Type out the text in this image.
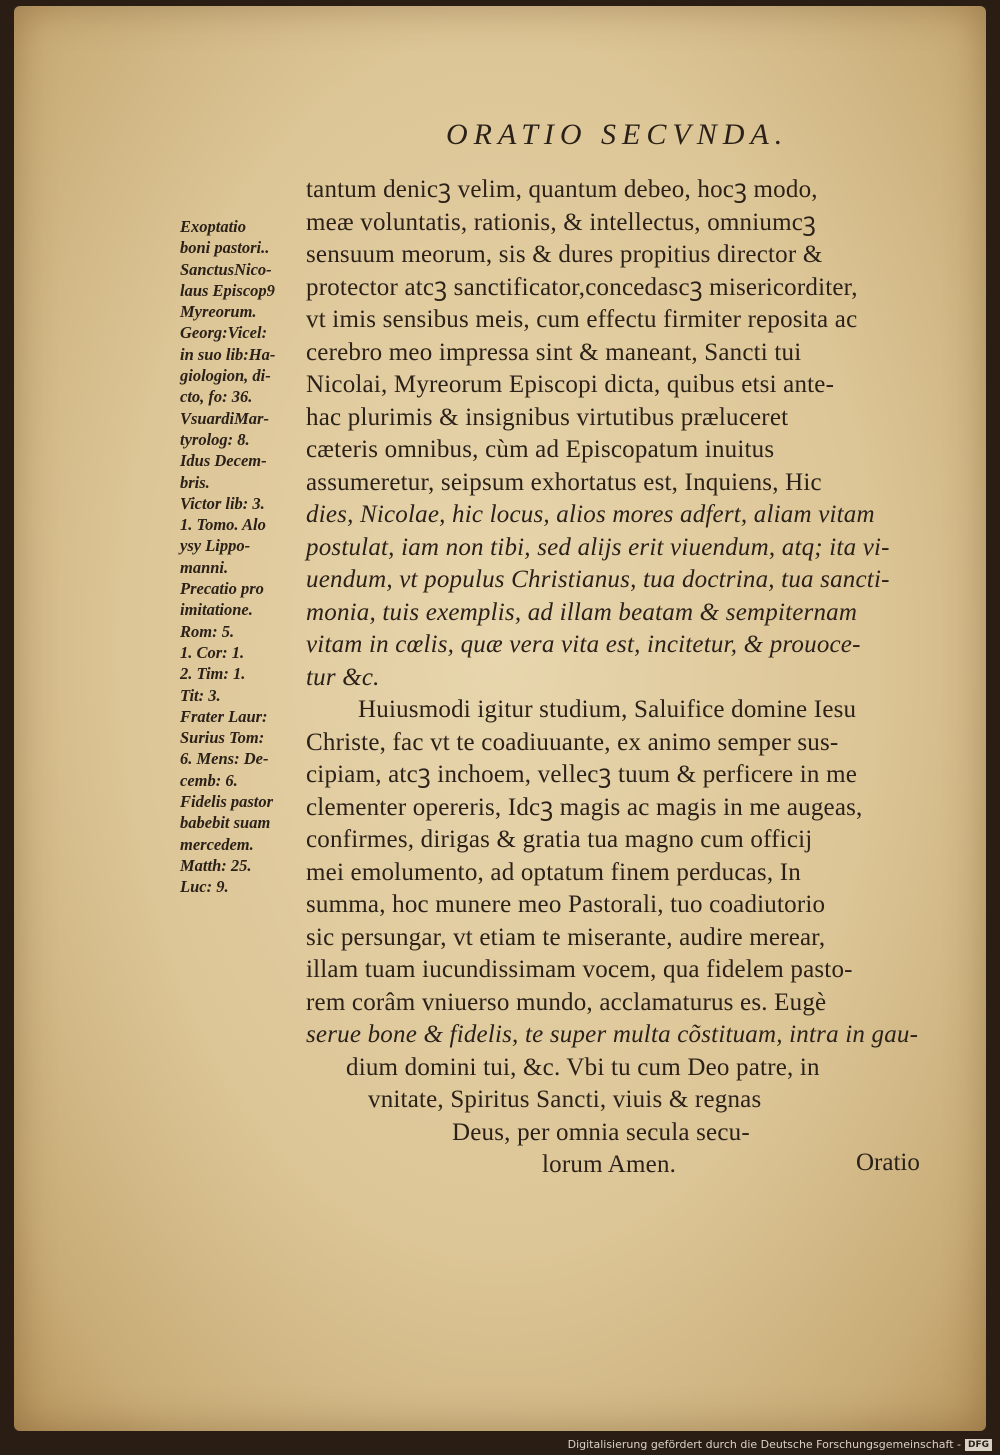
ORATIO SECVNDA.
Exoptatio
boni pastori..
SanctusNico-
laus Episcop9
Myreorum.
Georg:Vicel:
in suo lib:Ha-
giologion, di-
cto, fo: 36.
VsuardiMar-
tyrolog: 8.
Idus Decem-
bris.
Victor lib: 3.
1. Tomo. Alo
ysy Lippo-
manni.
Precatio pro
imitatione.
Rom: 5.
1. Cor: 1.
2. Tim: 1.
Tit: 3.
Frater Laur:
Surius Tom:
6. Mens: De-
cemb: 6.
Fidelis pastor
babebit suam
mercedem.
Matth: 25.
Luc: 9.
tantum denicꝫ velim, quantum debeo, hocꝫ modo,
meæ voluntatis, rationis, & intellectus, omniumcꝫ
sensuum meorum, sis & dures propitius director &
protector atcꝫ sanctificator,concedascꝫ misericorditer,
vt imis sensibus meis, cum effectu firmiter reposita ac
cerebro meo impressa sint & maneant, Sancti tui
Nicolai, Myreorum Episcopi dicta, quibus etsi ante-
hac plurimis & insignibus virtutibus præluceret
cæteris omnibus, cùm ad Episcopatum inuitus
assumeretur, seipsum exhortatus est, Inquiens, Hic
dies, Nicolae, hic locus, alios mores adfert, aliam vitam
postulat, iam non tibi, sed alijs erit viuendum, atq; ita vi-
uendum, vt populus Christianus, tua doctrina, tua sancti-
monia, tuis exemplis, ad illam beatam & sempiternam
vitam in cœlis, quæ vera vita est, incitetur, & prouoce-
tur &c.
Huiusmodi igitur studium, Saluifice domine Iesu
Christe, fac vt te coadiuuante, ex animo semper sus-
cipiam, atcꝫ inchoem, vellecꝫ tuum & perficere in me
clementer opereris, Idcꝫ magis ac magis in me augeas,
confirmes, dirigas & gratia tua magno cum officij
mei emolumento, ad optatum finem perducas, In
summa, hoc munere meo Pastorali, tuo coadiutorio
sic persungar, vt etiam te miserante, audire merear,
illam tuam iucundissimam vocem, qua fidelem pasto-
rem corâm vniuerso mundo, acclamaturus es. Eugè
serue bone & fidelis, te super multa cõstituam, intra in gau-
dium domini tui, &c. Vbi tu cum Deo patre, in
vnitate, Spiritus Sancti, viuis & regnas
Deus, per omnia secula secu-
lorum Amen.	Oratio
Digitalisierung gefördert durch die Deutsche Forschungsgemeinschaft - DFG
